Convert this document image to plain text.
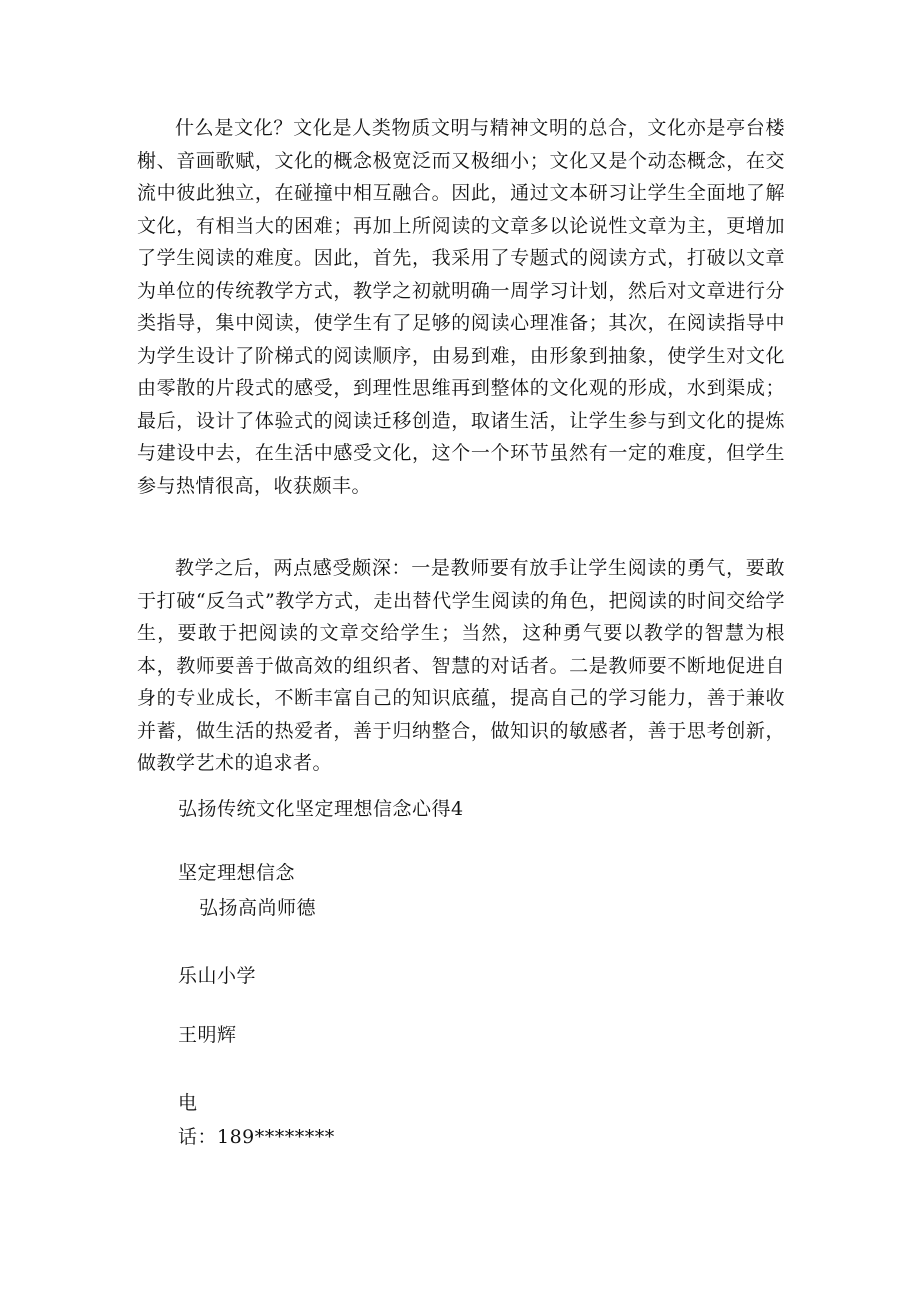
什么是文化？文化是人类物质文明与精神文明的总合，文化亦是亭台楼榭、音画歌赋，文化的概念极宽泛而又极细小；文化又是个动态概念，在交流中彼此独立，在碰撞中相互融合。因此，通过文本研习让学生全面地了解文化，有相当大的困难；再加上所阅读的文章多以论说性文章为主，更增加了学生阅读的难度。因此，首先，我采用了专题式的阅读方式，打破以文章为单位的传统教学方式，教学之初就明确一周学习计划，然后对文章进行分类指导，集中阅读，使学生有了足够的阅读心理准备；其次，在阅读指导中为学生设计了阶梯式的阅读顺序，由易到难，由形象到抽象，使学生对文化由零散的片段式的感受，到理性思维再到整体的文化观的形成，水到渠成；最后，设计了体验式的阅读迁移创造，取诸生活，让学生参与到文化的提炼与建设中去，在生活中感受文化，这个一个环节虽然有一定的难度，但学生参与热情很高，收获颇丰。

教学之后，两点感受颇深：一是教师要有放手让学生阅读的勇气，要敢于打破“反刍式”教学方式，走出替代学生阅读的角色，把阅读的时间交给学生，要敢于把阅读的文章交给学生；当然，这种勇气要以教学的智慧为根本，教师要善于做高效的组织者、智慧的对话者。二是教师要不断地促进自身的专业成长，不断丰富自己的知识底蕴，提高自己的学习能力，善于兼收并蓄，做生活的热爱者，善于归纳整合，做知识的敏感者，善于思考创新，做教学艺术的追求者。

弘扬传统文化坚定理想信念心得4

坚定理想信念

弘扬高尚师德

乐山小学

王明辉

电

话：189********
